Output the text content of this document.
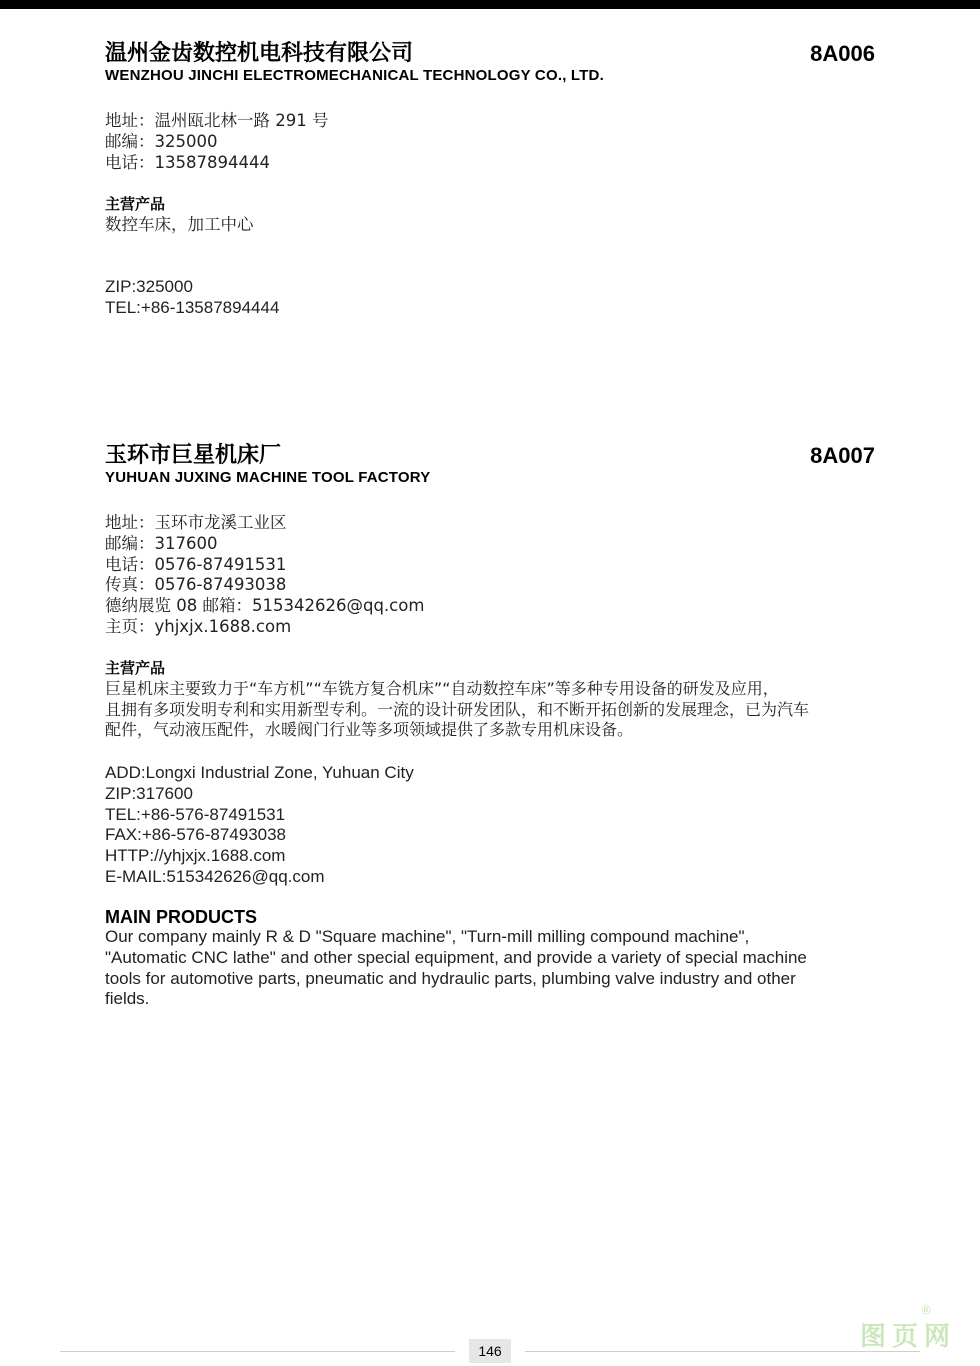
温州金齿数控机电科技有限公司	8A006
WENZHOU JINCHI ELECTROMECHANICAL TECHNOLOGY CO., LTD.
地址：温州瓯北林一路 291 号
邮编：325000
电话：13587894444
主营产品
数控车床，加工中心
ZIP:325000
TEL:+86-13587894444
玉环市巨星机床厂	8A007
YUHUAN JUXING MACHINE TOOL FACTORY
地址：玉环市龙溪工业区
邮编：317600
电话：0576-87491531
传真：0576-87493038
德纳展览 08 邮箱：515342626@qq.com
主页：yhjxjx.1688.com
主营产品
巨星机床主要致力于“车方机”“车铣方复合机床”“自动数控车床”等多种专用设备的研发及应用，
且拥有多项发明专利和实用新型专利。一流的设计研发团队，和不断开拓创新的发展理念，已为汽车
配件，气动液压配件，水暖阀门行业等多项领域提供了多款专用机床设备。
ADD:Longxi Industrial Zone, Yuhuan City
ZIP:317600
TEL:+86-576-87491531
FAX:+86-576-87493038
HTTP://yhjxjx.1688.com
E-MAIL:515342626@qq.com
MAIN PRODUCTS
Our company mainly R & D "Square machine", "Turn-mill milling compound machine",
"Automatic CNC lathe" and other special equipment, and provide a variety of special machine
tools for automotive parts, pneumatic and hydraulic parts, plumbing valve industry and other
fields.
146	图页网
®
